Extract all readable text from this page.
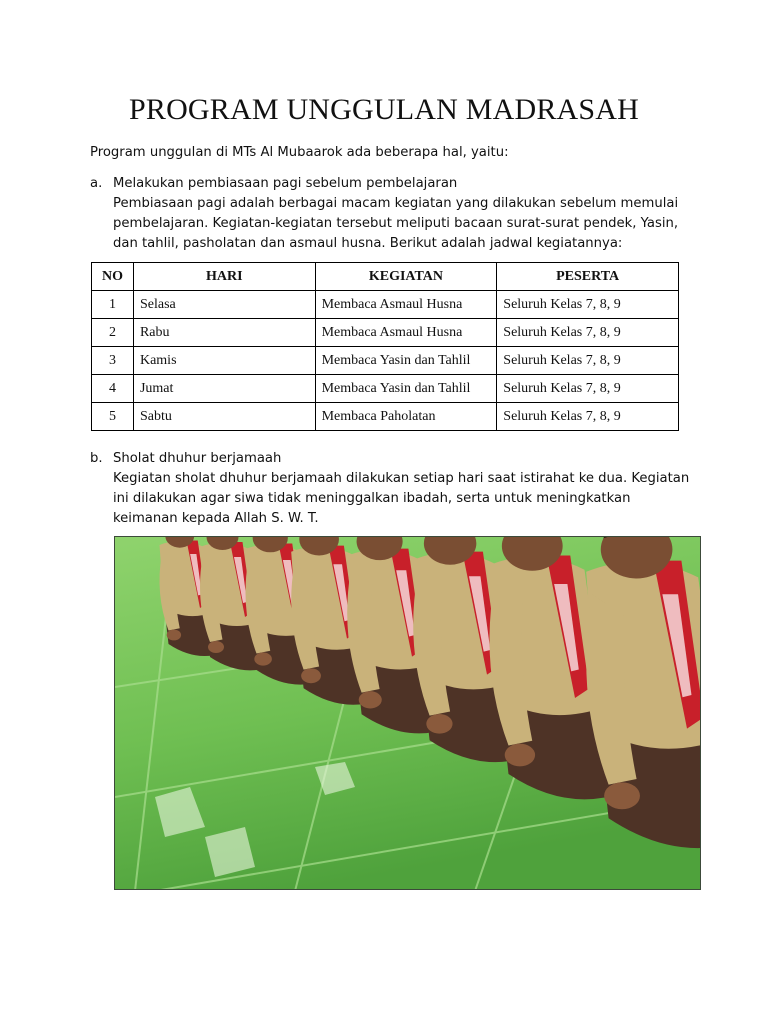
PROGRAM UNGGULAN MADRASAH
Program unggulan di MTs Al Mubaarok ada beberapa hal, yaitu:
a. Melakukan pembiasaan pagi sebelum pembelajaran
Pembiasaan pagi adalah berbagai macam kegiatan yang dilakukan sebelum memulai
pembelajaran. Kegiatan-kegiatan tersebut meliputi bacaan surat-surat pendek, Yasin,
dan tahlil, pasholatan dan asmaul husna. Berikut adalah jadwal kegiatannya:
NO	HARI	KEGIATAN	PESERTA
1	Selasa	Membaca Asmaul Husna	Seluruh Kelas 7, 8, 9
2	Rabu	Membaca Asmaul Husna	Seluruh Kelas 7, 8, 9
3	Kamis	Membaca Yasin dan Tahlil	Seluruh Kelas 7, 8, 9
4	Jumat	Membaca Yasin dan Tahlil	Seluruh Kelas 7, 8, 9
5	Sabtu	Membaca Paholatan	Seluruh Kelas 7, 8, 9
b. Sholat dhuhur berjamaah
Kegiatan sholat dhuhur berjamaah dilakukan setiap hari saat istirahat ke dua. Kegiatan
ini dilakukan agar siwa tidak meninggalkan ibadah, serta untuk meningkatkan
keimanan kepada Allah S. W. T.
